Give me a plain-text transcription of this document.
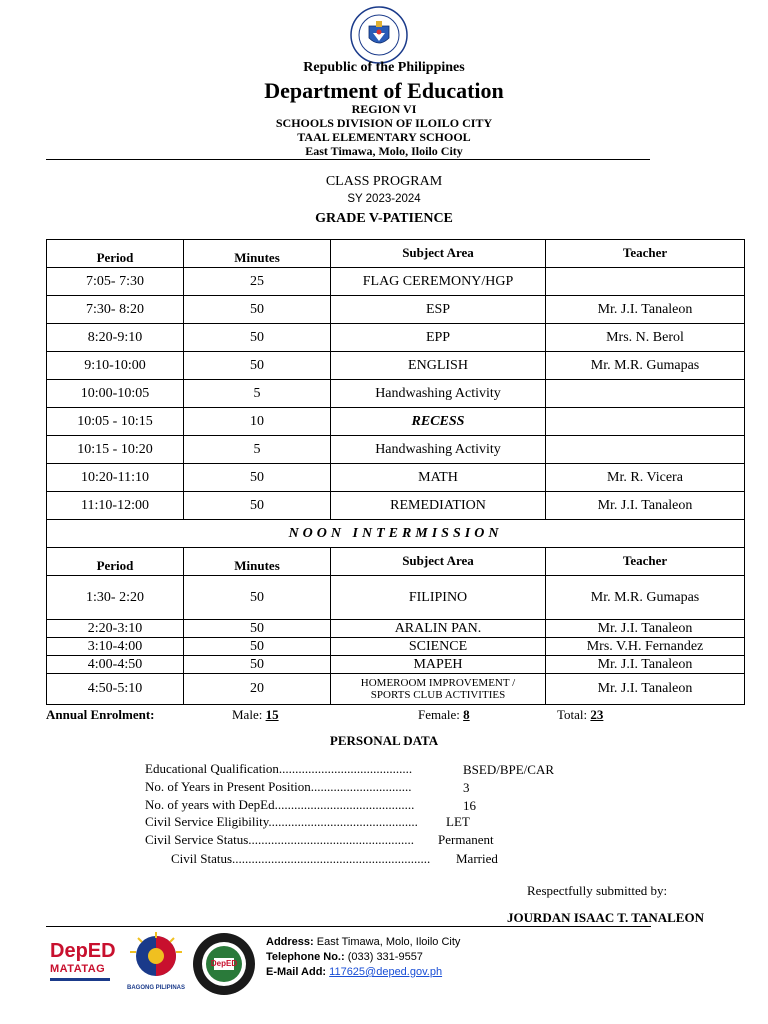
Republic of the Philippines
Department of Education
REGION VI
SCHOOLS DIVISION OF ILOILO CITY
TAAL ELEMENTARY SCHOOL
East Timawa, Molo, Iloilo City
CLASS PROGRAM
SY 2023-2024
GRADE V-PATIENCE
Period	Minutes	Subject Area	Teacher
7:05- 7:30	25	FLAG CEREMONY/HGP	
7:30- 8:20	50	ESP	Mr. J.I. Tanaleon
8:20-9:10	50	EPP	Mrs. N. Berol
9:10-10:00	50	ENGLISH	Mr. M.R. Gumapas
10:00-10:05	5	Handwashing Activity	
10:05 - 10:15	10	RECESS	
10:15 - 10:20	5	Handwashing Activity	
10:20-11:10	50	MATH	Mr. R. Vicera
11:10-12:00	50	REMEDIATION	Mr. J.I. Tanaleon
NOON INTERMISSION			
Period	Minutes	Subject Area	Teacher
1:30- 2:20	50	FILIPINO	Mr. M.R. Gumapas
2:20-3:10	50	ARALIN PAN.	Mr. J.I. Tanaleon
3:10-4:00	50	SCIENCE	Mrs. V.H. Fernandez
4:00-4:50	50	MAPEH	Mr. J.I. Tanaleon
4:50-5:10	20	HOMEROOM IMPROVEMENT /
SPORTS CLUB ACTIVITIES	Mr. J.I. Tanaleon
Annual Enrolment:	Male: 15	Female: 8	Total: 23
PERSONAL DATA
Educational Qualification.........................................	BSED/BPE/CAR
No. of Years in Present Position...............................	3
No. of years with DepEd...........................................	16
Civil Service Eligibility.............................................. LET
Civil Service Status................................................... Permanent
Civil Status............................................................. Married
Respectfully submitted by:
JOURDAN ISAAC T. TANALEON
DepED
MATATAG
BAGONG PILIPINAS
DepED
Address: East Timawa, Molo, Iloilo City
Telephone No.: (033) 331-9557
E-Mail Add: 117625@deped.gov.ph
